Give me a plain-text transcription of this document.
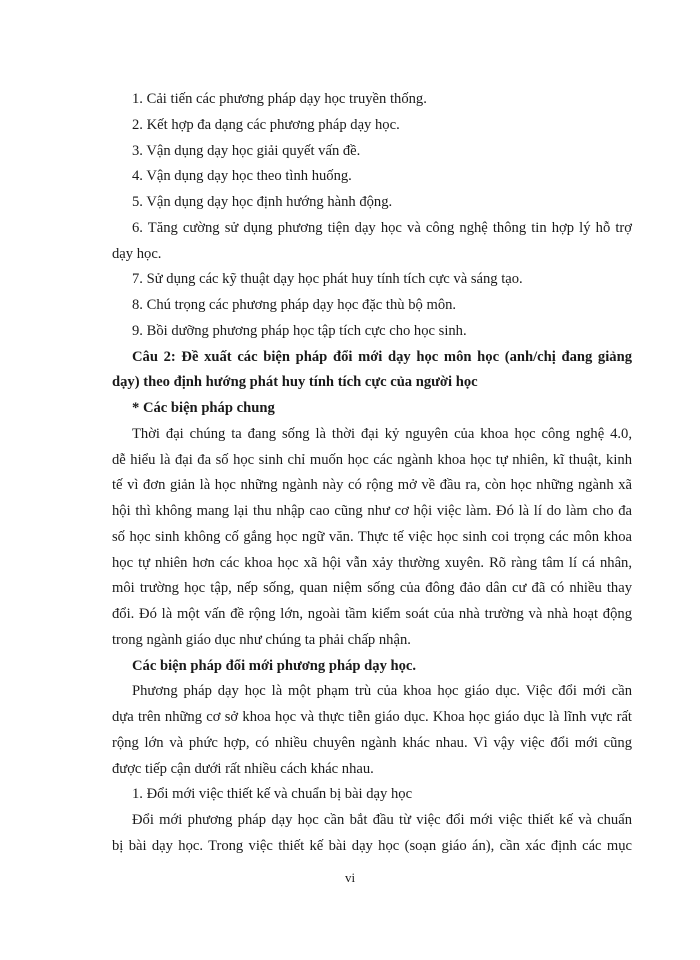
1. Cải tiến các phương pháp dạy học truyền thống.
2. Kết hợp đa dạng các phương pháp dạy học.
3. Vận dụng dạy học giải quyết vấn đề.
4. Vận dụng dạy học theo tình huống.
5. Vận dụng dạy học định hướng hành động.
6. Tăng cường sử dụng phương tiện dạy học và công nghệ thông tin hợp lý hỗ trợ
dạy học.
7. Sử dụng các kỹ thuật dạy học phát huy tính tích cực và sáng tạo.
8. Chú trọng các phương pháp dạy học đặc thù bộ môn.
9. Bồi dưỡng phương pháp học tập tích cực cho học sinh.
Câu 2: Đề xuất các biện pháp đổi mới dạy học môn học (anh/chị đang giảng
dạy) theo định hướng phát huy tính tích cực của người học
* Các biện pháp chung
Thời đại chúng ta đang sống là thời đại kỷ nguyên của khoa học công nghệ 4.0,
dễ hiểu là đại đa số học sinh chỉ muốn học các ngành khoa học tự nhiên, kĩ thuật, kinh
tế vì đơn giản là học những ngành này có rộng mở về đầu ra, còn học những ngành xã
hội thì không mang lại thu nhập cao cũng như cơ hội việc làm. Đó là lí do làm cho đa
số học sinh không cố gắng học ngữ văn. Thực tế việc học sinh coi trọng các môn khoa
học tự nhiên hơn các khoa học xã hội vẫn xảy thường xuyên. Rõ ràng tâm lí cá nhân,
môi trường học tập, nếp sống, quan niệm sống của đông đảo dân cư đã có nhiều thay
đổi. Đó là một vấn đề rộng lớn, ngoài tầm kiểm soát của nhà trường và nhà hoạt động
trong ngành giáo dục như chúng ta phải chấp nhận.
Các biện pháp đổi mới phương pháp dạy học.
Phương pháp dạy học là một phạm trù của khoa học giáo dục. Việc đổi mới cần
dựa trên những cơ sở khoa học và thực tiễn giáo dục. Khoa học giáo dục là lĩnh vực rất
rộng lớn và phức hợp, có nhiều chuyên ngành khác nhau. Vì vậy việc đổi mới cũng
được tiếp cận dưới rất nhiều cách khác nhau.
1. Đổi mới việc thiết kế và chuẩn bị bài dạy học
Đổi mới phương pháp dạy học cần bắt đầu từ việc đổi mới việc thiết kế và chuẩn
bị bài dạy học. Trong việc thiết kế bài dạy học (soạn giáo án), cần xác định các mục
vi
